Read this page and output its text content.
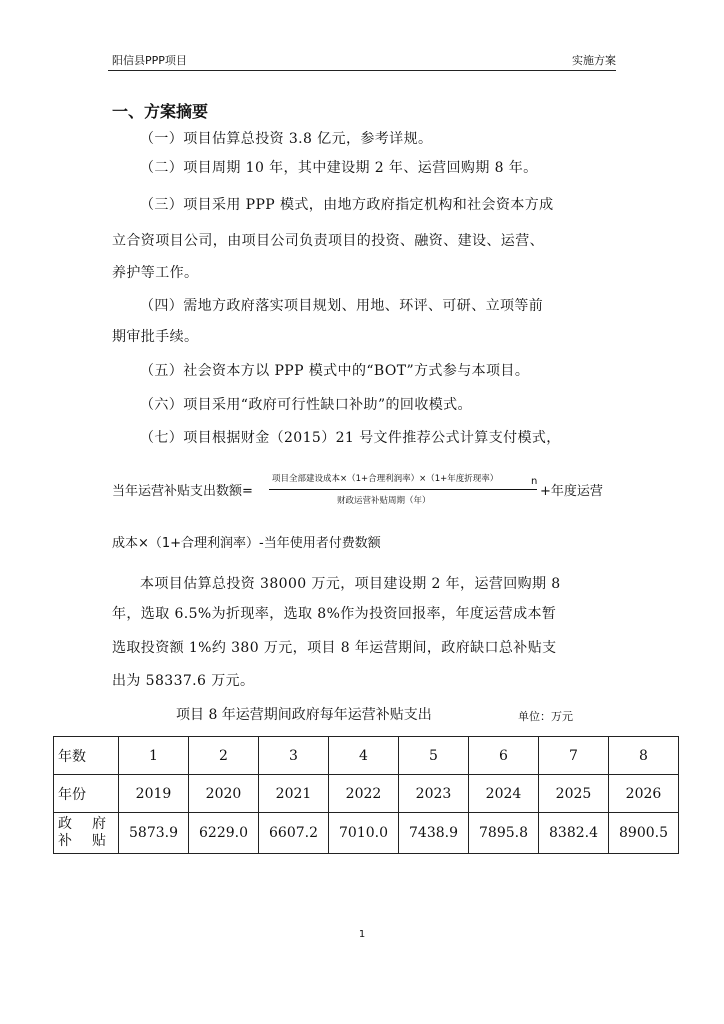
阳信县PPP项目	实施方案
一、方案摘要
（一）项目估算总投资 3.8 亿元，参考详规。
（二）项目周期 10 年，其中建设期 2 年、运营回购期 8 年。
（三）项目采用 PPP 模式，由地方政府指定机构和社会资本方成
立合资项目公司，由项目公司负责项目的投资、融资、建设、运营、
养护等工作。
（四）需地方政府落实项目规划、用地、环评、可研、立项等前
期审批手续。
（五）社会资本方以 PPP 模式中的“BOT”方式参与本项目。
（六）项目采用“政府可行性缺口补助”的回收模式。
（七）项目根据财金（2015）21 号文件推荐公式计算支付模式，
当年运营补贴支出数额=
项目全部建设成本×（1+合理利润率）×（1+年度折现率）	n
财政运营补贴周期（年）
+年度运营
成本×（1+合理利润率）-当年使用者付费数额
本项目估算总投资 38000 万元，项目建设期 2 年，运营回购期 8
年，选取 6.5%为折现率，选取 8%作为投资回报率，年度运营成本暂
选取投资额 1%约 380 万元，项目 8 年运营期间，政府缺口总补贴支
出为 58337.6 万元。
项目 8 年运营期间政府每年运营补贴支出	单位：万元
年数	1	2	3	4	5	6	7	8
年份	2019	2020	2021	2022	2023	2024	2025	2026

政　府
补　贴	5873.9	6229.0	6607.2	7010.0	7438.9	7895.8	8382.4	8900.5
1
